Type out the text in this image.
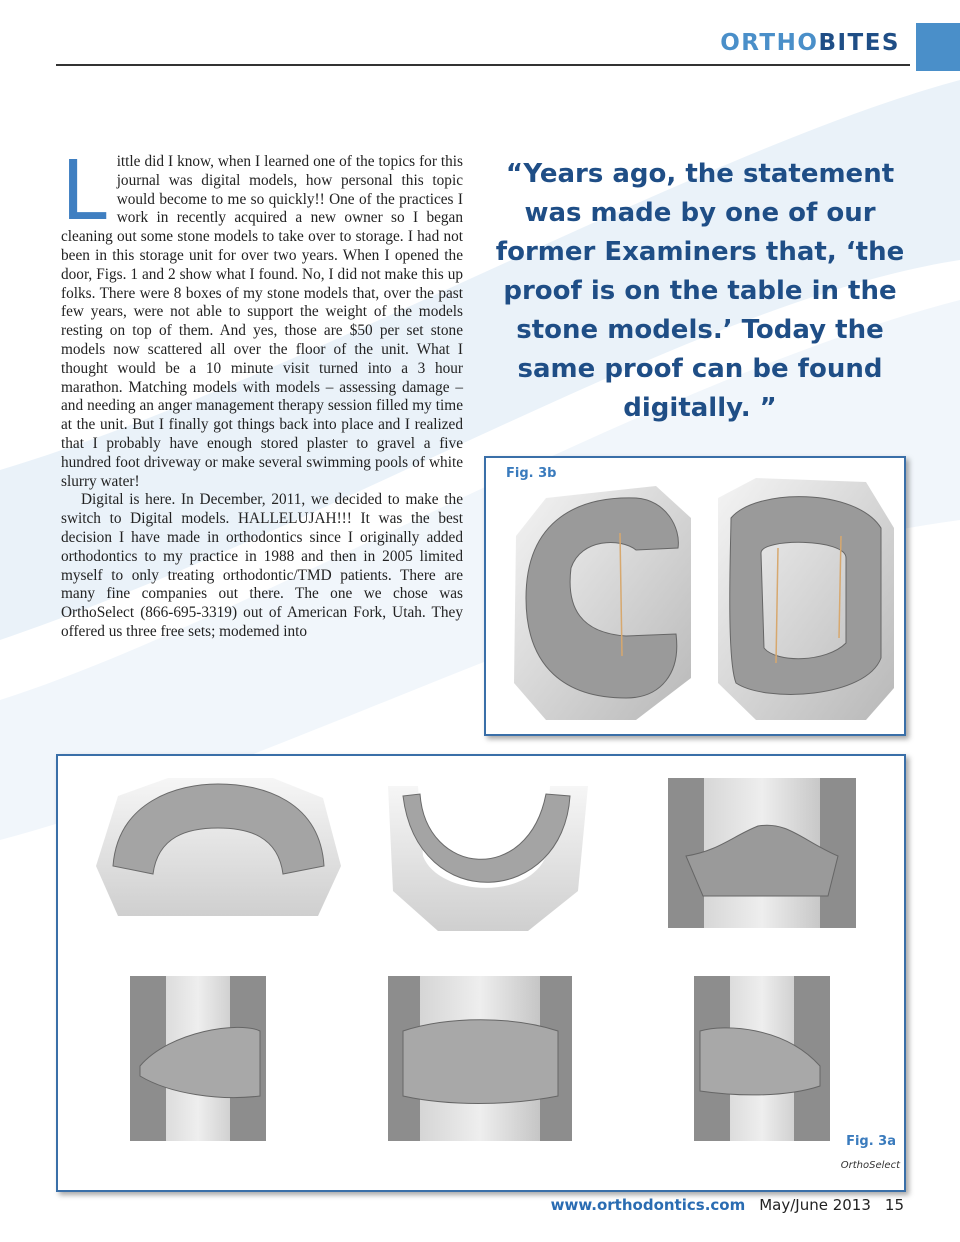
ORTHOBITES

Little did I know, when I learned one of the topics for this journal was digital models, how personal this topic would become to me so quickly!! One of the practices I work in recently acquired a new owner so I began cleaning out some stone models to take over to storage. I had not been in this storage unit for over two years. When I opened the door, Figs. 1 and 2 show what I found. No, I did not make this up folks. There were 8 boxes of my stone models that, over the past few years, were not able to support the weight of the models resting on top of them. And yes, those are $50 per set stone models now scattered all over the floor of the unit. What I thought would be a 10 minute visit turned into a 3 hour marathon. Matching models with models – assessing damage – and needing an anger management therapy session filled my time at the unit. But I finally got things back into place and I realized that I probably have enough stored plaster to gravel a five hundred foot driveway or make several swimming pools of white slurry water!

Digital is here. In December, 2011, we decided to make the switch to Digital models. HALLELUJAH!!! It was the best decision I have made in orthodontics since I originally added orthodontics to my practice in 1988 and then in 2005 limited myself to only treating orthodontic/TMD patients. There are many fine companies out there. The one we chose was OrthoSelect (866-695-3319) out of American Fork, Utah. They offered us three free sets; modemed into

“Years ago, the statement was made by one of our former Examiners that, ‘the proof is on the table in the stone models.’ Today the same proof can be found digitally. ”
Fig. 3b
Fig. 3a
OrthoSelect
www.orthodontics.com May/June 2013 15
